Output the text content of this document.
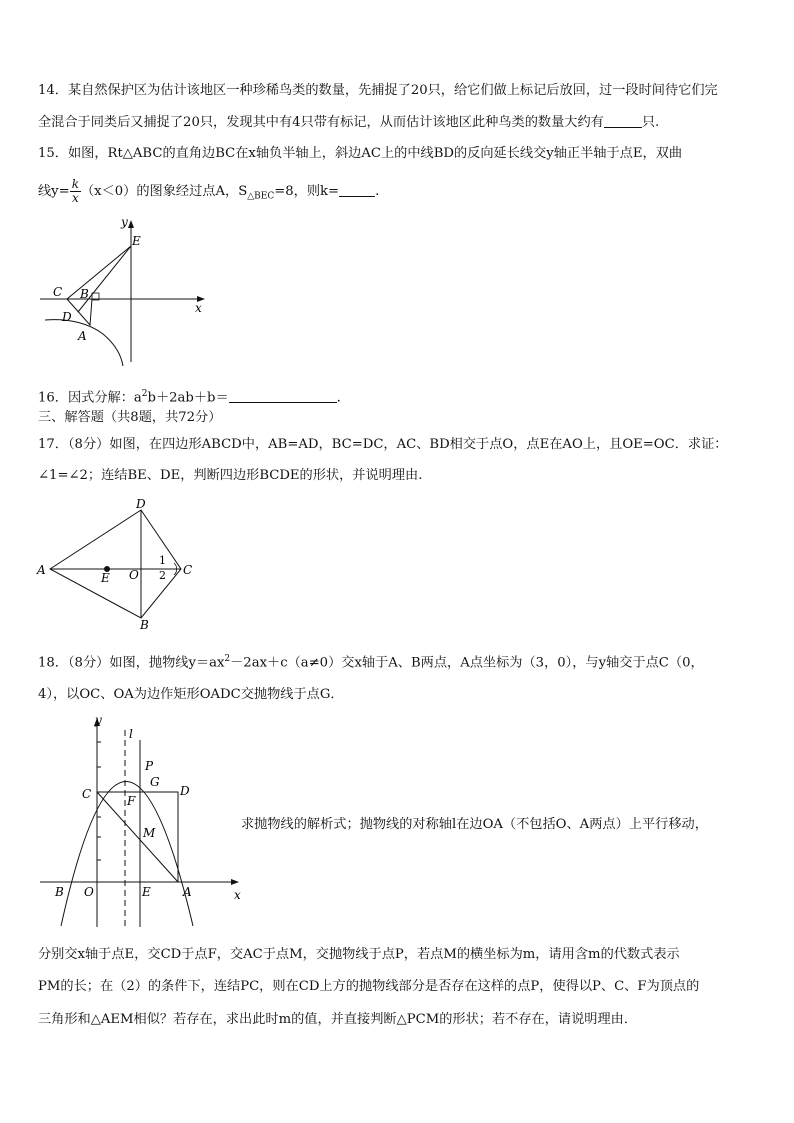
14．某自然保护区为估计该地区一种珍稀鸟类的数量，先捕捉了20只，给它们做上标记后放回，过一段时间待它们完
全混合于同类后又捕捉了20只，发现其中有4只带有标记，从而估计该地区此种鸟类的数量大约有	只.
15．如图，Rt△ABC的直角边BC在x轴负半轴上，斜边AC上的中线BD的反向延长线交y轴正半轴于点E，双曲
线$y= \frac{k}{x} (x<0)$的图象经过点A，$S_{\triangle BEC}=8$，则k=	.
y
E
C B
D
A
x
16．因式分解：$a^2b+2ab+b=$	.
三、解答题（共8题，共72分）
17．（8分）如图，在四边形ABCD中，AB=AD，BC=DC，AC、BD相交于点O，点E在AO上，且OE=OC．求证：
∠1=∠2；连结BE、DE，判断四边形BCDE的形状，并说明理由.
D
A
E O
1
2 C
B
18．（8分）如图，抛物线$y=ax^2-2ax+c(a\ne 0)$交x轴于A、B两点，A点坐标为（3，0），与y轴交于点C（0，
4），以OC、OA为边作矩形OADC交抛物线于点G．
y
l
P
G
D
C	F
M
B O	E	A	x
求抛物线的解析式；抛物线的对称轴l在边OA（不包括O、A两点）上平行移动，
分别交x轴于点E，交CD于点F，交AC于点M，交抛物线于点P，若点M的横坐标为m，请用含m的代数式表示
PM的长；在（2）的条件下，连结PC，则在CD上方的抛物线部分是否存在这样的点P，使得以P、C、F为顶点的
三角形和△AEM相似？若存在，求出此时m的值，并直接判断△PCM的形状；若不存在，请说明理由．
